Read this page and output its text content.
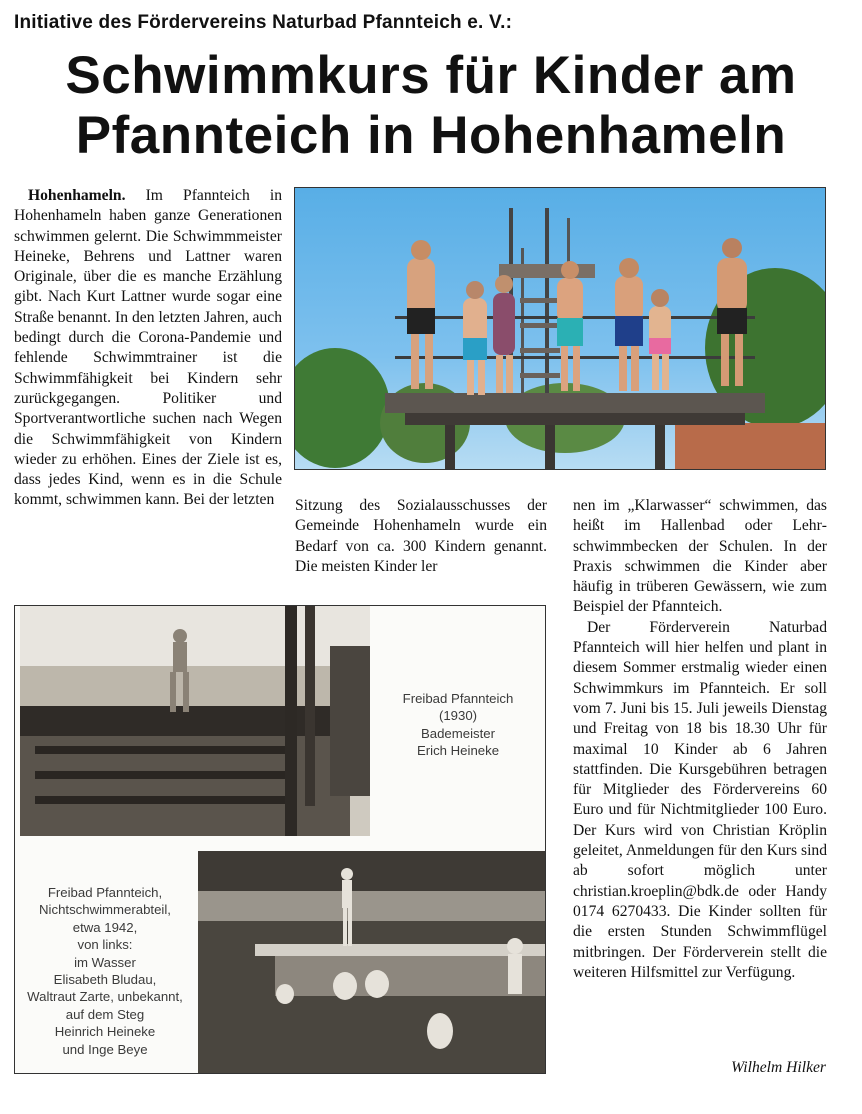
Initiative des Fördervereins Naturbad Pfannteich e. V.:
Schwimmkurs für Kinder am
Pfannteich in Hohenhameln

Hohenhameln. Im Pfannteich in Hohenhameln haben ganze Generationen schwimmen gelernt. Die Schwimmmeister Heineke, Behrens und Lattner waren Originale, über die es manche Erzählung gibt. Nach Kurt Lattner wurde sogar eine Straße benannt. In den letzten Jahren, auch bedingt durch die Corona-Pandemie und fehlende Schwimmtrainer ist die Schwimmfähigkeit bei Kindern sehr zurückgegangen. Politiker und Sportverantwortliche suchen nach Wegen die Schwimmfähigkeit von Kindern wieder zu erhöhen. Eines der Ziele ist es, dass jedes Kind, wenn es in die Schule kommt, schwimmen kann. Bei der letzten	Sitzung des Sozialausschusses der Gemeinde Hohenhameln wurde ein Bedarf von ca. 300 Kindern genannt. Die meisten Kinder ler

nen im „Klarwasser“ schwimmen, das heißt im Hallenbad oder Lehrschwimmbecken der Schulen. In der Praxis schwimmen die Kinder aber häufig in trüberen Gewässern, wie zum Beispiel der Pfannteich.

Der Förderverein Naturbad Pfannteich will hier helfen und plant in diesem Sommer erstmalig wieder einen Schwimmkurs im Pfannteich. Er soll vom 7. Juni bis 15. Juli jeweils Dienstag und Freitag von 18 bis 18.30 Uhr für maximal 10 Kinder ab 6 Jahren stattfinden. Die Kursgebühren betragen für Mitglieder des Fördervereins 60 Euro und für Nichtmitglieder 100 Euro. Der Kurs wird von Christian Kröplin geleitet, Anmeldungen für den Kurs sind ab sofort möglich unter christian.kroeplin@bdk.de oder Handy 0174 6270433. Die Kinder sollten für die ersten Stunden Schwimmflügel mitbringen. Der Förderverein stellt die weiteren Hilfsmittel zur Verfügung.

Wilhelm Hilker
Freibad Pfannteich
(1930)
Bademeister
Erich Heineke
Freibad Pfannteich,
Nichtschwimmerabteil,
etwa 1942,
von links:
im Wasser
Elisabeth Bludau,
Waltraut Zarte, unbekannt,
auf dem Steg
Heinrich Heineke
und Inge Beye
